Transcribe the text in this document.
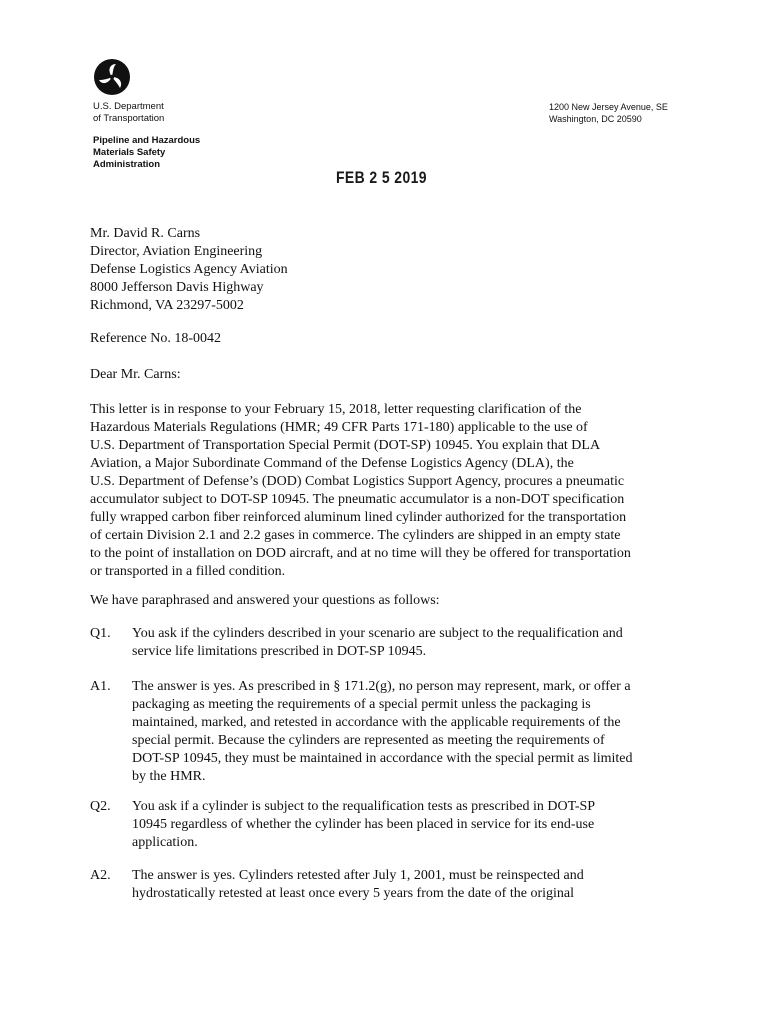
U.S. Department
of Transportation
Pipeline and Hazardous
Materials Safety
Administration
1200 New Jersey Avenue, SE
Washington, DC 20590
FEB 2 5 2019
Mr. David R. Carns
Director, Aviation Engineering
Defense Logistics Agency Aviation
8000 Jefferson Davis Highway
Richmond, VA 23297-5002
Reference No. 18-0042
Dear Mr. Carns:
This letter is in response to your February 15, 2018, letter requesting clarification of the
Hazardous Materials Regulations (HMR; 49 CFR Parts 171-180) applicable to the use of
U.S. Department of Transportation Special Permit (DOT-SP) 10945. You explain that DLA
Aviation, a Major Subordinate Command of the Defense Logistics Agency (DLA), the
U.S. Department of Defense’s (DOD) Combat Logistics Support Agency, procures a pneumatic
accumulator subject to DOT-SP 10945. The pneumatic accumulator is a non-DOT specification
fully wrapped carbon fiber reinforced aluminum lined cylinder authorized for the transportation
of certain Division 2.1 and 2.2 gases in commerce. The cylinders are shipped in an empty state
to the point of installation on DOD aircraft, and at no time will they be offered for transportation
or transported in a filled condition.
We have paraphrased and answered your questions as follows:
Q1. You ask if the cylinders described in your scenario are subject to the requalification and
service life limitations prescribed in DOT-SP 10945.
A1. The answer is yes. As prescribed in § 171.2(g), no person may represent, mark, or offer a
packaging as meeting the requirements of a special permit unless the packaging is
maintained, marked, and retested in accordance with the applicable requirements of the
special permit. Because the cylinders are represented as meeting the requirements of
DOT-SP 10945, they must be maintained in accordance with the special permit as limited
by the HMR.
Q2. You ask if a cylinder is subject to the requalification tests as prescribed in DOT-SP
10945 regardless of whether the cylinder has been placed in service for its end-use
application.
A2. The answer is yes. Cylinders retested after July 1, 2001, must be reinspected and
hydrostatically retested at least once every 5 years from the date of the original
